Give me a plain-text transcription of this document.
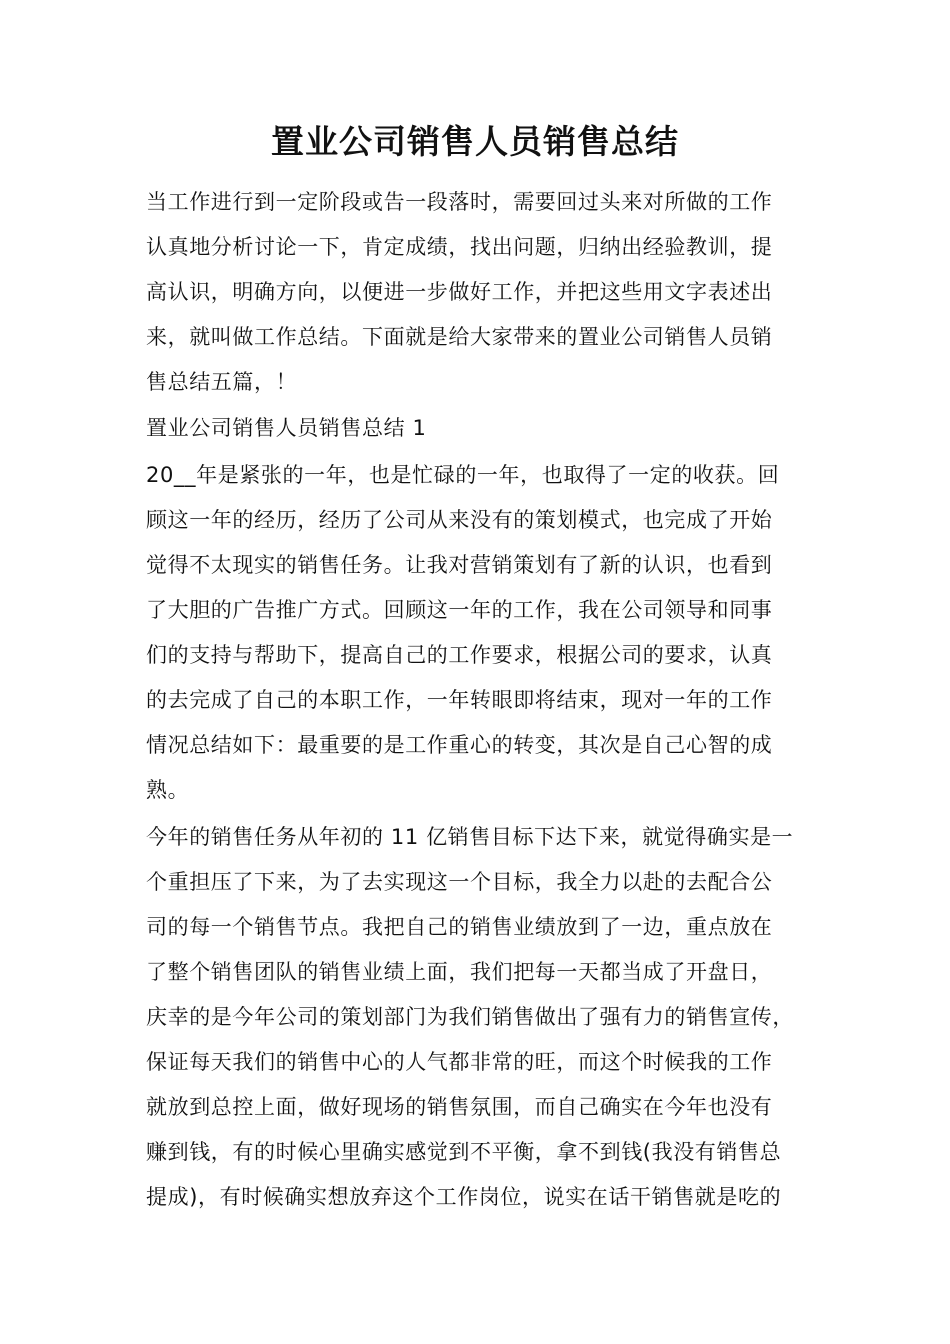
置业公司销售人员销售总结
当工作进行到一定阶段或告一段落时，需要回过头来对所做的工作
认真地分析讨论一下，肯定成绩，找出问题，归纳出经验教训，提
高认识，明确方向，以便进一步做好工作，并把这些用文字表述出
来，就叫做工作总结。下面就是给大家带来的置业公司销售人员销
售总结五篇，！
置业公司销售人员销售总结 1
20__年是紧张的一年，也是忙碌的一年，也取得了一定的收获。回
顾这一年的经历，经历了公司从来没有的策划模式，也完成了开始
觉得不太现实的销售任务。让我对营销策划有了新的认识，也看到
了大胆的广告推广方式。回顾这一年的工作，我在公司领导和同事
们的支持与帮助下，提高自己的工作要求，根据公司的要求，认真
的去完成了自己的本职工作，一年转眼即将结束，现对一年的工作
情况总结如下：最重要的是工作重心的转变，其次是自己心智的成
熟。
今年的销售任务从年初的 11 亿销售目标下达下来，就觉得确实是一
个重担压了下来，为了去实现这一个目标，我全力以赴的去配合公
司的每一个销售节点。我把自己的销售业绩放到了一边，重点放在
了整个销售团队的销售业绩上面，我们把每一天都当成了开盘日，
庆幸的是今年公司的策划部门为我们销售做出了强有力的销售宣传，
保证每天我们的销售中心的人气都非常的旺，而这个时候我的工作
就放到总控上面，做好现场的销售氛围，而自己确实在今年也没有
赚到钱，有的时候心里确实感觉到不平衡，拿不到钱(我没有销售总
提成)，有时候确实想放弃这个工作岗位，说实在话干销售就是吃的
